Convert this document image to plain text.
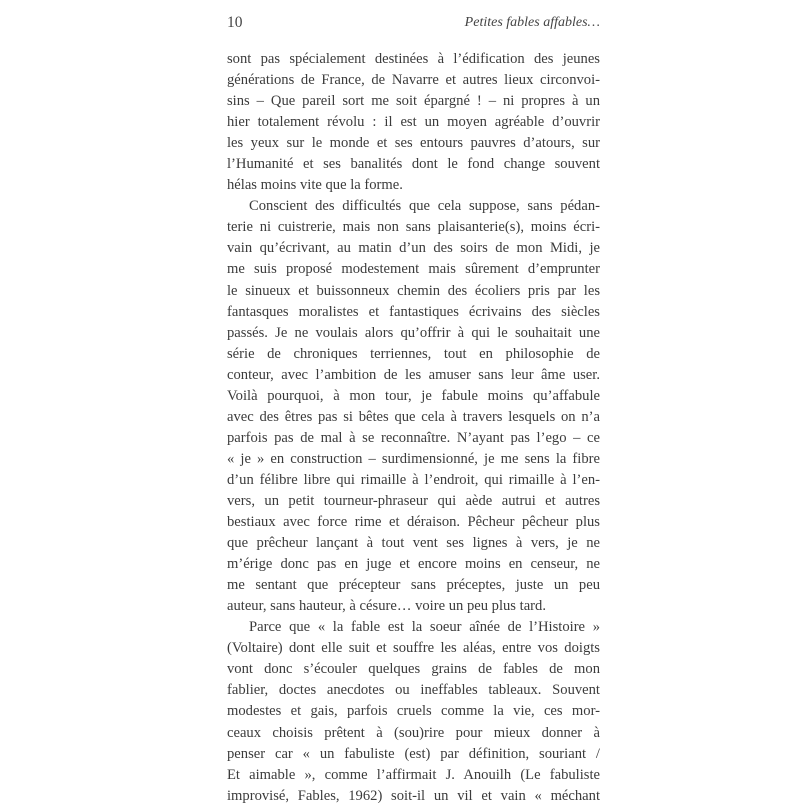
10	Petites fables affables…
sont pas spécialement destinées à l’édification des jeunes
générations de France, de Navarre et autres lieux circonvoi-
sins – Que pareil sort me soit épargné ! – ni propres à un
hier totalement révolu : il est un moyen agréable d’ouvrir
les yeux sur le monde et ses entours pauvres d’atours, sur
l’Humanité et ses banalités dont le fond change souvent
hélas moins vite que la forme.
Conscient des difficultés que cela suppose, sans pédan-
terie ni cuistrerie, mais non sans plaisanterie(s), moins écri-
vain qu’écrivant, au matin d’un des soirs de mon Midi, je
me suis proposé modestement mais sûrement d’emprunter
le sinueux et buissonneux chemin des écoliers pris par les
fantasques moralistes et fantastiques écrivains des siècles
passés. Je ne voulais alors qu’offrir à qui le souhaitait une
série de chroniques terriennes, tout en philosophie de
conteur, avec l’ambition de les amuser sans leur âme user.
Voilà pourquoi, à mon tour, je fabule moins qu’affabule
avec des êtres pas si bêtes que cela à travers lesquels on n’a
parfois pas de mal à se reconnaître. N’ayant pas l’ego – ce
« je » en construction – surdimensionné, je me sens la fibre
d’un félibre libre qui rimaille à l’endroit, qui rimaille à l’en-
vers, un petit tourneur-phraseur qui aède autrui et autres
bestiaux avec force rime et déraison. Pêcheur pêcheur plus
que prêcheur lançant à tout vent ses lignes à vers, je ne
m’érige donc pas en juge et encore moins en censeur, ne
me sentant que précepteur sans préceptes, juste un peu
auteur, sans hauteur, à césure… voire un peu plus tard.
Parce que « la fable est la soeur aînée de l’Histoire »
(Voltaire) dont elle suit et souffre les aléas, entre vos doigts
vont donc s’écouler quelques grains de fables de mon
fablier, doctes anecdotes ou ineffables tableaux. Souvent
modestes et gais, parfois cruels comme la vie, ces mor-
ceaux choisis prêtent à (sou)rire pour mieux donner à
penser car « un fabuliste (est) par définition, souriant /
Et aimable », comme l’affirmait J. Anouilh (Le fabuliste
improvisé, Fables, 1962) soit-il un vil et vain « méchant
